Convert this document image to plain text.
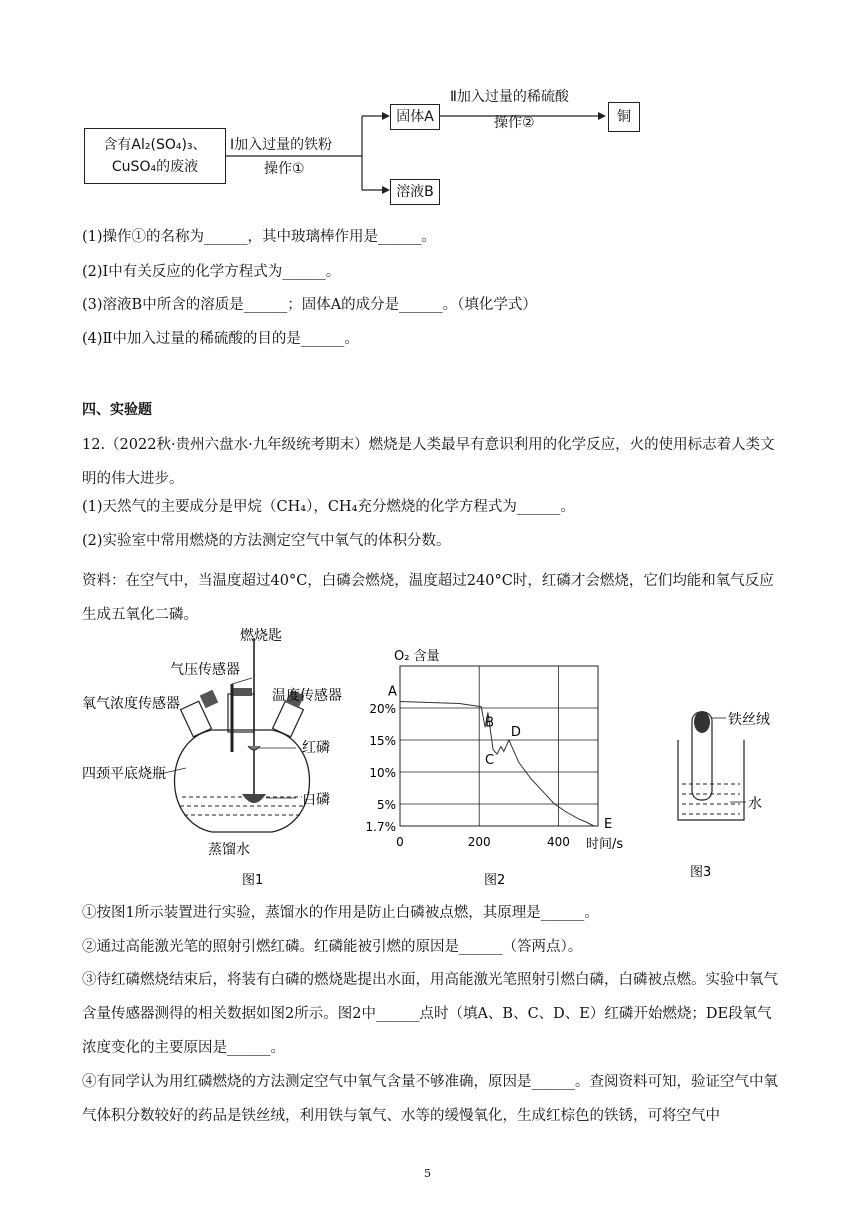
含有Al₂(SO₄)₃、
CuSO₄的废液
Ⅰ加入过量的铁粉
操作①
固体A
Ⅱ加入过量的稀硫酸
操作②	铜
溶液B
(1)操作①的名称为______，其中玻璃棒作用是______。
(2)Ⅰ中有关反应的化学方程式为______。
(3)溶液B中所含的溶质是______；固体A的成分是______。（填化学式）
(4)Ⅱ中加入过量的稀硫酸的目的是______。
四、实验题
12.（2022秋·贵州六盘水·九年级统考期末）燃烧是人类最早有意识利用的化学反应，火的使用标志着人类文明的伟大进步。
(1)天然气的主要成分是甲烷（CH₄），CH₄充分燃烧的化学方程式为______。
(2)实验室中常用燃烧的方法测定空气中氧气的体积分数。
资料：在空气中，当温度超过40°C，白磷会燃烧，温度超过240°C时，红磷才会燃烧，它们均能和氧气反应生成五氧化二磷。
燃烧匙
气压传感器
氧气浓度传感器	温度传感器
红磷
四颈平底烧瓶
白磷
蒸馏水
图1
O₂ 含量
1.7%
5%
10%
15%
20%
0	200	400
A
B
C
D
E
时间/s
图2
铁丝绒
水
图3
①按图1所示装置进行实验，蒸馏水的作用是防止白磷被点燃，其原理是______。
②通过高能激光笔的照射引燃红磷。红磷能被引燃的原因是______（答两点）。
③待红磷燃烧结束后，将装有白磷的燃烧匙提出水面，用高能激光笔照射引燃白磷，白磷被点燃。实验中氧气含量传感器测得的相关数据如图2所示。图2中______点时（填A、B、C、D、E）红磷开始燃烧；DE段氧气浓度变化的主要原因是______。
④有同学认为用红磷燃烧的方法测定空气中氧气含量不够准确，原因是______。查阅资料可知，验证空气中氧气体积分数较好的药品是铁丝绒，利用铁与氧气、水等的缓慢氧化，生成红棕色的铁锈，可将空气中
5
